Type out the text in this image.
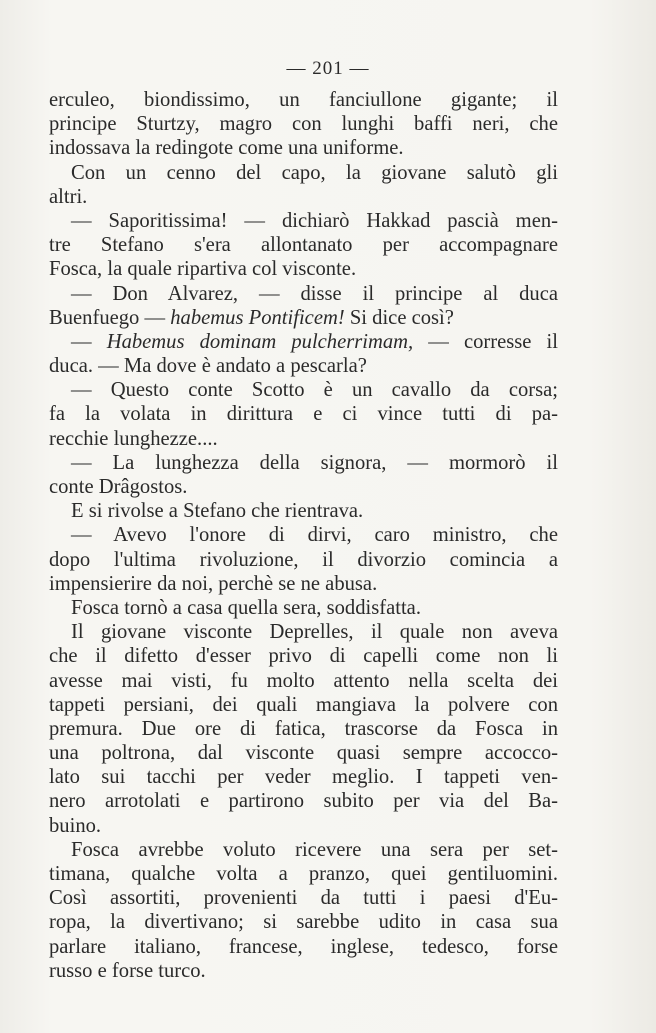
— 201 —
erculeo, biondissimo, un fanciullone gigante; il
principe Sturtzy, magro con lunghi baffi neri, che
indossava la redingote come una uniforme.
Con un cenno del capo, la giovane salutò gli
altri.
— Saporitissima! — dichiarò Hakkad pascià men-
tre Stefano s'era allontanato per accompagnare
Fosca, la quale ripartiva col visconte.
— Don Alvarez, — disse il principe al duca
Buenfuego — habemus Pontificem! Si dice così?
— Habemus dominam pulcherrimam, — corresse il
duca. — Ma dove è andato a pescarla?
— Questo conte Scotto è un cavallo da corsa;
fa la volata in dirittura e ci vince tutti di pa-
recchie lunghezze....
— La lunghezza della signora, — mormorò il
conte Drâgostos.
E si rivolse a Stefano che rientrava.
— Avevo l'onore di dirvi, caro ministro, che
dopo l'ultima rivoluzione, il divorzio comincia a
impensierire da noi, perchè se ne abusa.
Fosca tornò a casa quella sera, soddisfatta.
Il giovane visconte Deprelles, il quale non aveva
che il difetto d'esser privo di capelli come non li
avesse mai visti, fu molto attento nella scelta dei
tappeti persiani, dei quali mangiava la polvere con
premura. Due ore di fatica, trascorse da Fosca in
una poltrona, dal visconte quasi sempre accocco-
lato sui tacchi per veder meglio. I tappeti ven-
nero arrotolati e partirono subito per via del Ba-
buino.
Fosca avrebbe voluto ricevere una sera per set-
timana, qualche volta a pranzo, quei gentiluomini.
Così assortiti, provenienti da tutti i paesi d'Eu-
ropa, la divertivano; si sarebbe udito in casa sua
parlare italiano, francese, inglese, tedesco, forse
russo e forse turco.
